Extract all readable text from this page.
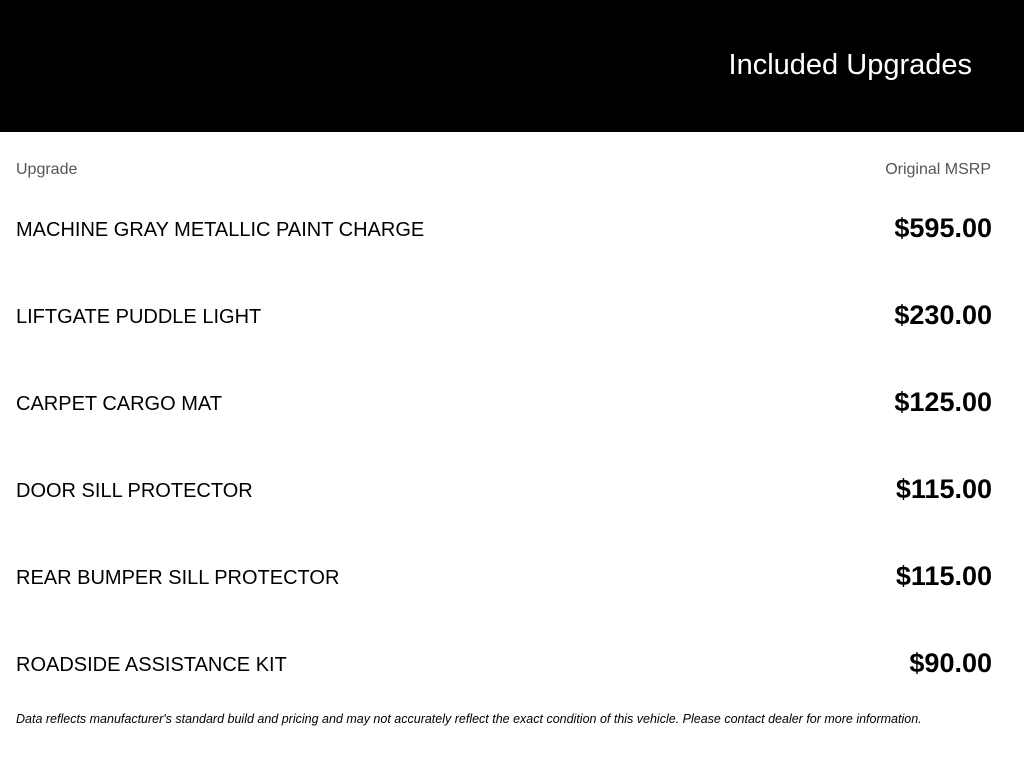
Included Upgrades
Upgrade	Original MSRP
MACHINE GRAY METALLIC PAINT CHARGE	$595.00
LIFTGATE PUDDLE LIGHT	$230.00
CARPET CARGO MAT	$125.00
DOOR SILL PROTECTOR	$115.00
REAR BUMPER SILL PROTECTOR	$115.00
ROADSIDE ASSISTANCE KIT	$90.00
Data reflects manufacturer's standard build and pricing and may not accurately reflect the exact condition of this vehicle. Please contact dealer for more information.
